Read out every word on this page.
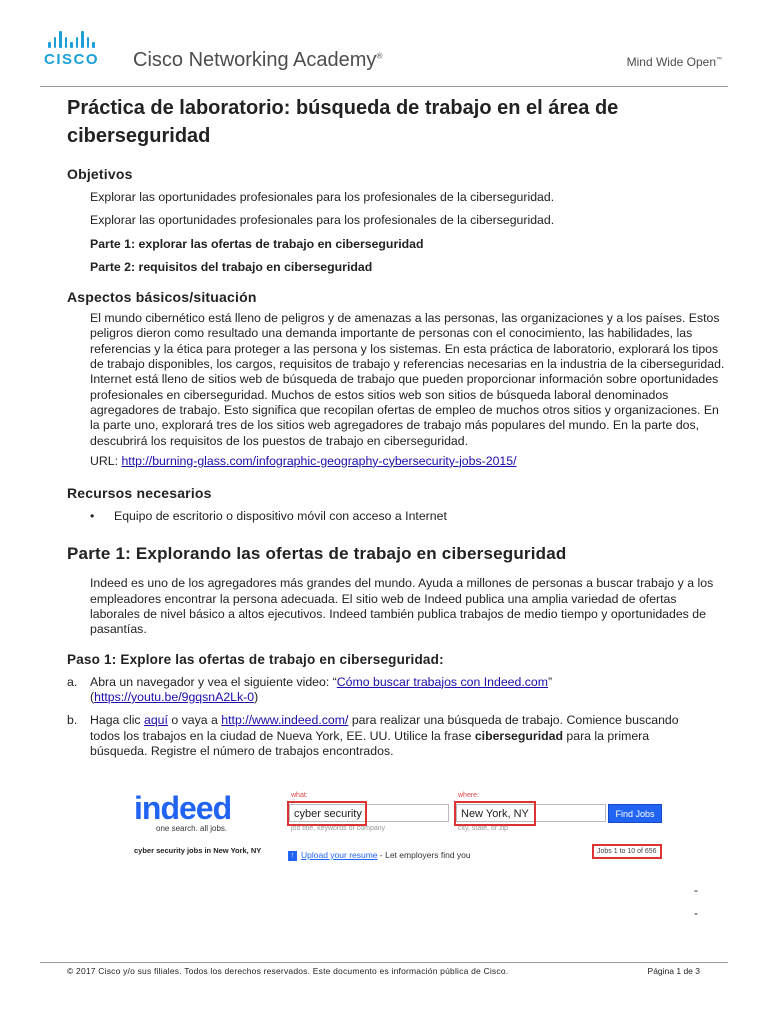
CISCO Cisco Networking Academy®	Mind Wide Open™
Práctica de laboratorio: búsqueda de trabajo en el área de ciberseguridad
Objetivos
Explorar las oportunidades profesionales para los profesionales de la ciberseguridad.
Explorar las oportunidades profesionales para los profesionales de la ciberseguridad.
Parte 1: explorar las ofertas de trabajo en ciberseguridad
Parte 2: requisitos del trabajo en ciberseguridad
Aspectos básicos/situación
El mundo cibernético está lleno de peligros y de amenazas a las personas, las organizaciones y a los países. Estos peligros dieron como resultado una demanda importante de personas con el conocimiento, las habilidades, las referencias y la ética para proteger a las persona y los sistemas. En esta práctica de laboratorio, explorará los tipos de trabajo disponibles, los cargos, requisitos de trabajo y referencias necesarias en la industria de la ciberseguridad. Internet está lleno de sitios web de búsqueda de trabajo que pueden proporcionar información sobre oportunidades profesionales en ciberseguridad. Muchos de estos sitios web son sitios de búsqueda laboral denominados agregadores de trabajo. Esto significa que recopilan ofertas de empleo de muchos otros sitios y organizaciones. En la parte uno, explorará tres de los sitios web agregadores de trabajo más populares del mundo. En la parte dos, descubrirá los requisitos de los puestos de trabajo en ciberseguridad.
URL: http://burning-glass.com/infographic-geography-cybersecurity-jobs-2015/
Recursos necesarios
•	Equipo de escritorio o dispositivo móvil con acceso a Internet
Parte 1: Explorando las ofertas de trabajo en ciberseguridad
Indeed es uno de los agregadores más grandes del mundo. Ayuda a millones de personas a buscar trabajo y a los empleadores encontrar la persona adecuada. El sitio web de Indeed publica una amplia variedad de ofertas laborales de nivel básico a altos ejecutivos. Indeed también publica trabajos de medio tiempo y oportunidades de pasantías.
Paso 1: Explore las ofertas de trabajo en ciberseguridad:
a.	Abra un navegador y vea el siguiente video: “Cómo buscar trabajos con Indeed.com”
(https://youtu.be/9gqsnA2Lk-0)
b.	Haga clic aquí o vaya a http://www.indeed.com/ para realizar una búsqueda de trabajo. Comience buscando todos los trabajos en la ciudad de Nueva York, EE. UU. Utilice la frase ciberseguridad para la primera búsqueda. Registre el número de trabajos encontrados.
indeed
one search. all jobs.
what:
cyber security
job title, keywords or company
where:
New York, NY
city, state, or zip
Find Jobs
cyber security jobs in New York, NY
↑ Upload your resume - Let employers find you	Jobs 1 to 10 of 656
-
-
© 2017 Cisco y/o sus filiales. Todos los derechos reservados. Este documento es información pública de Cisco.	Página 1 de 3
